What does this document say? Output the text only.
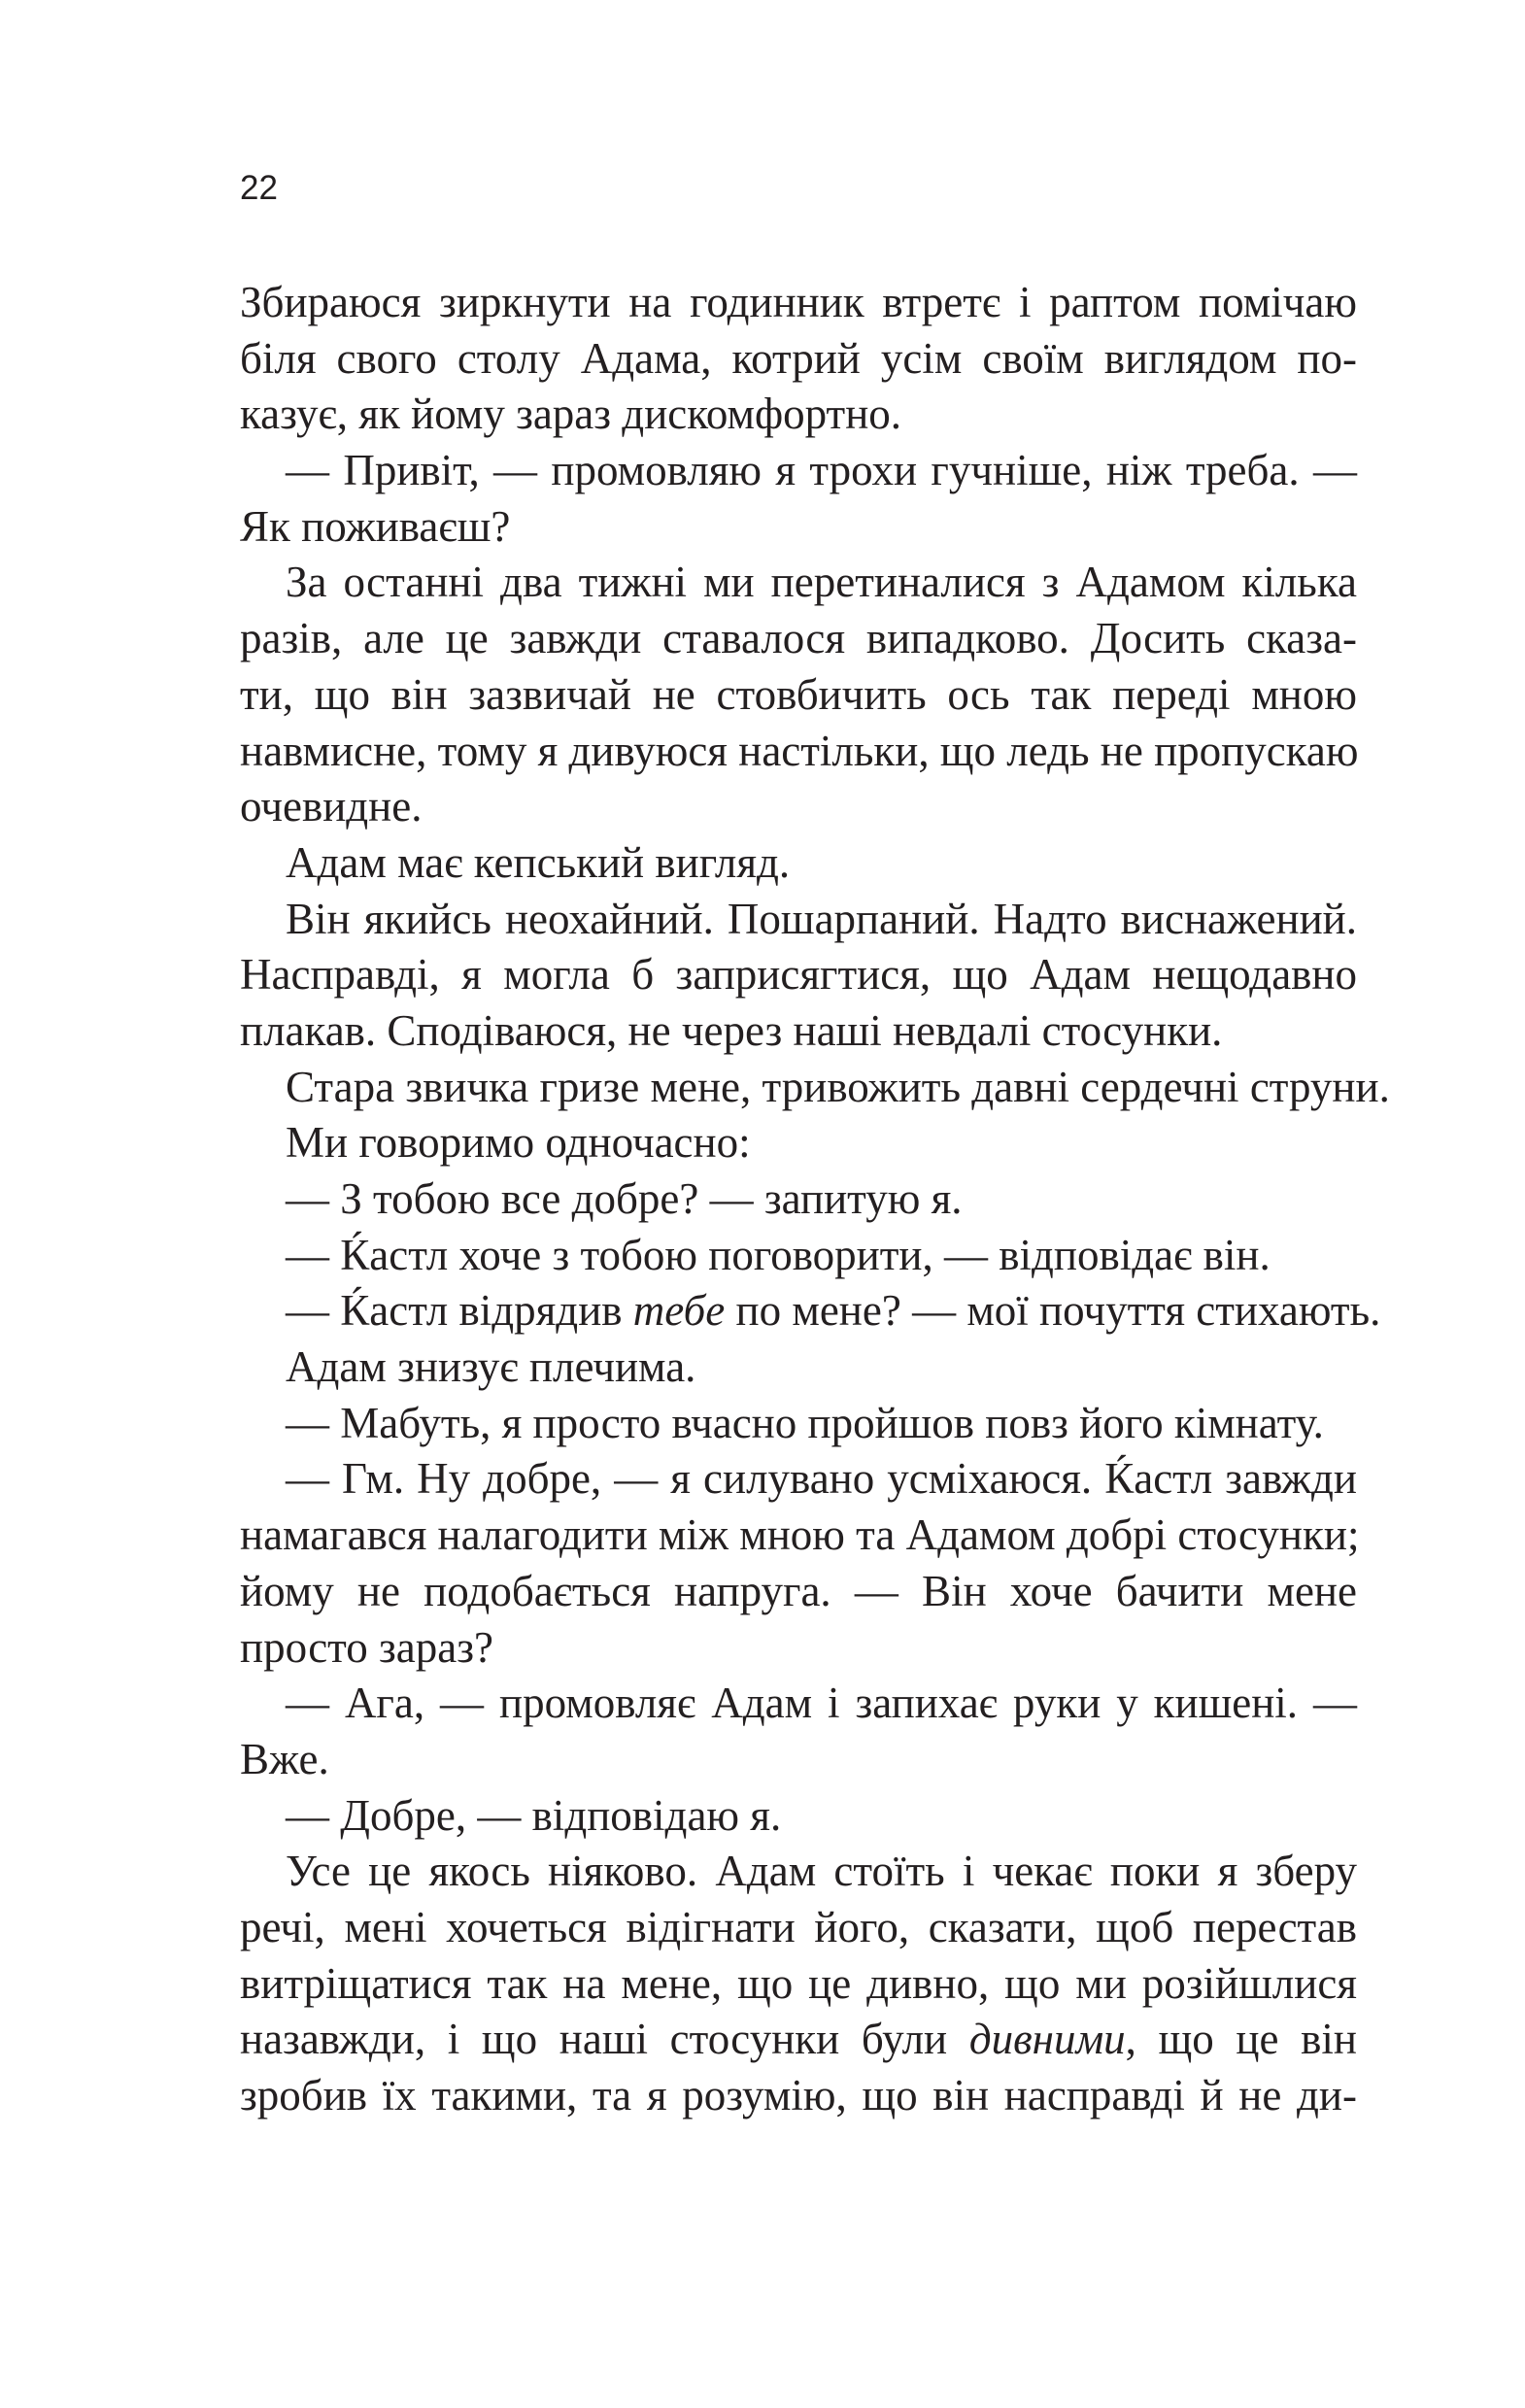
22
Збираюся зиркнути на годинник втретє і раптом помічаю
біля свого столу Адама, котрий усім своїм виглядом по-
казує, як йому зараз дискомфортно.
— Привіт, — промовляю я трохи гучніше, ніж треба. —
Як поживаєш?
За останні два тижні ми перетиналися з Адамом кілька
разів, але це завжди ставалося випадково. Досить сказа-
ти, що він зазвичай не стовбичить ось так переді мною
навмисне, тому я дивуюся настільки, що ледь не пропускаю
очевидне.
Адам має кепський вигляд.
Він якийсь неохайний. Пошарпаний. Надто виснажений.
Насправді, я могла б заприсягтися, що Адам нещодавно
плакав. Сподіваюся, не через наші невдалі стосунки.
Стара звичка гризе мене, тривожить давні сердечні струни.
Ми говоримо одночасно:
— З тобою все добре? — запитую я.
— Ќастл хоче з тобою поговорити, — відповідає він.
— Ќастл відрядив тебе по мене? — мої почуття стихають.
Адам знизує плечима.
— Мабуть, я просто вчасно пройшов повз його кімнату.
— Гм. Ну добре, — я силувано усміхаюся. Ќастл завжди
намагався налагодити між мною та Адамом добрі стосунки;
йому не подобається напруга. — Він хоче бачити мене
просто зараз?
— Ага, — промовляє Адам і запихає руки у кишені. —
Вже.
— Добре, — відповідаю я.
Усе це якось ніяково. Адам стоїть і чекає поки я зберу
речі, мені хочеться відігнати його, сказати, щоб перестав
витріщатися так на мене, що це дивно, що ми розійшлися
назавжди, і що наші стосунки були дивними, що це він
зробив їх такими, та я розумію, що він насправді й не ди-
